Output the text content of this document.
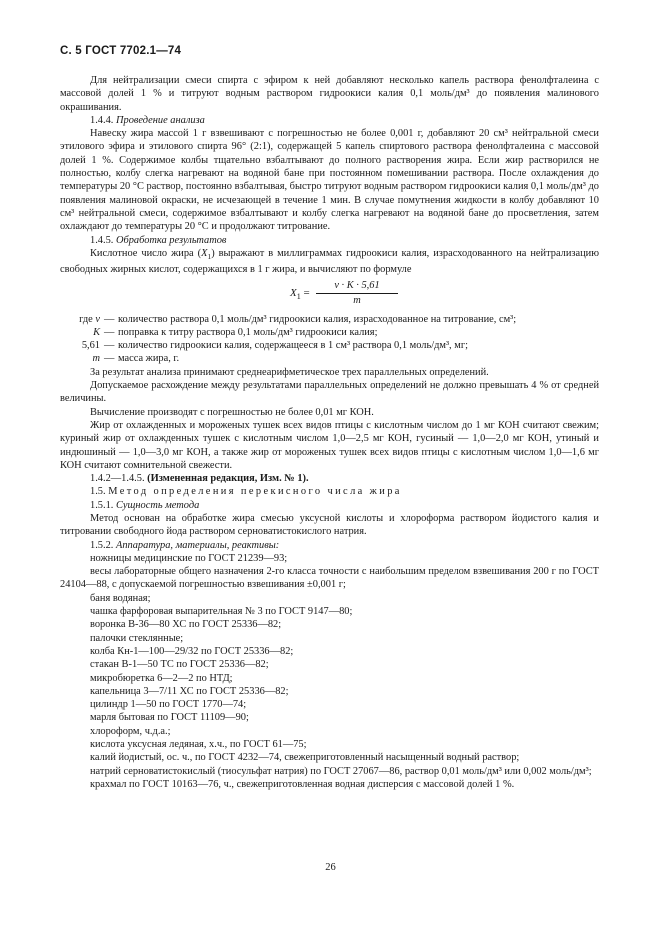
С. 5 ГОСТ 7702.1—74

Для нейтрализации смеси спирта с эфиром к ней добавляют несколько капель раствора фенолфталеина с массовой долей 1 % и титруют водным раствором гидроокиси калия 0,1 моль/дм³ до появления малинового окрашивания.

1.4.4. Проведение анализа

Навеску жира массой 1 г взвешивают с погрешностью не более 0,001 г, добавляют 20 см³ нейтральной смеси этилового эфира и этилового спирта 96° (2:1), содержащей 5 капель спиртового раствора фенолфталеина с массовой долей 1 %. Содержимое колбы тщательно взбалтывают до полного растворения жира. Если жир растворился не полностью, колбу слегка нагревают на водяной бане при постоянном помешивании раствора. После охлаждения до температуры 20 °С раствор, постоянно взбалтывая, быстро титруют водным раствором гидроокиси калия 0,1 моль/дм³ до появления малиновой окраски, не исчезающей в течение 1 мин. В случае помутнения жидкости в колбу добавляют 10 см³ нейтральной смеси, содержимое взбалтывают и колбу слегка нагревают на водяной бане до просветления, затем охлаждают до температуры 20 °С и продолжают титрование.

1.4.5. Обработка результатов

Кислотное число жира $(X_1)$ выражают в миллиграммах гидроокиси калия, израсходованного на нейтрализацию свободных жирных кислот, содержащихся в 1 г жира, и вычисляют по формуле

$X_1 = \frac{v \cdot K \cdot 5,61}{m}$
где v — количество раствора 0,1 моль/дм³ гидроокиси калия, израсходованное на титрование, см³;
K — поправка к титру раствора 0,1 моль/дм³ гидроокиси калия;
5,61 — количество гидроокиси калия, содержащееся в 1 см³ раствора 0,1 моль/дм³, мг;
m — масса жира, г.

За результат анализа принимают среднеарифметическое трех параллельных определений.

Допускаемое расхождение между результатами параллельных определений не должно превышать 4 % от средней величины.

Вычисление производят с погрешностью не более 0,01 мг КОН.

Жир от охлажденных и мороженых тушек всех видов птицы с кислотным числом до 1 мг КОН считают свежим; куриный жир от охлажденных тушек с кислотным числом 1,0—2,5 мг КОН, гусиный — 1,0—2,0 мг КОН, утиный и индюшиный — 1,0—3,0 мг КОН, а также жир от мороженых тушек всех видов птицы с кислотным числом 1,0—1,6 мг КОН считают сомнительной свежести.

1.4.2—1.4.5. (Измененная редакция, Изм. № 1).

1.5. Метод определения перекисного числа жира

1.5.1. Сущность метода

Метод основан на обработке жира смесью уксусной кислоты и хлороформа раствором йодистого калия и титровании свободного йода раствором серноватистокислого натрия.

1.5.2. Аппаратура, материалы, реактивы:

ножницы медицинские по ГОСТ 21239—93;

весы лабораторные общего назначения 2-го класса точности с наибольшим пределом взвешивания 200 г по ГОСТ 24104—88, с допускаемой погрешностью взвешивания ±0,001 г;

баня водяная;

чашка фарфоровая выпарительная № 3 по ГОСТ 9147—80;

воронка В-36—80 ХС по ГОСТ 25336—82;

палочки стеклянные;

колба Кн-1—100—29/32 по ГОСТ 25336—82;

стакан В-1—50 ТС по ГОСТ 25336—82;

микробюретка 6—2—2 по НТД;

капельница 3—7/11 ХС по ГОСТ 25336—82;

цилиндр 1—50 по ГОСТ 1770—74;

марля бытовая по ГОСТ 11109—90;

хлороформ, ч.д.а.;

кислота уксусная ледяная, х.ч., по ГОСТ 61—75;

калий йодистый, ос. ч., по ГОСТ 4232—74, свежеприготовленный насыщенный водный раствор;

натрий серноватистокислый (тиосульфат натрия) по ГОСТ 27067—86, раствор 0,01 моль/дм³ или 0,002 моль/дм³;

крахмал по ГОСТ 10163—76, ч., свежеприготовленная водная дисперсия с массовой долей 1 %.

26
